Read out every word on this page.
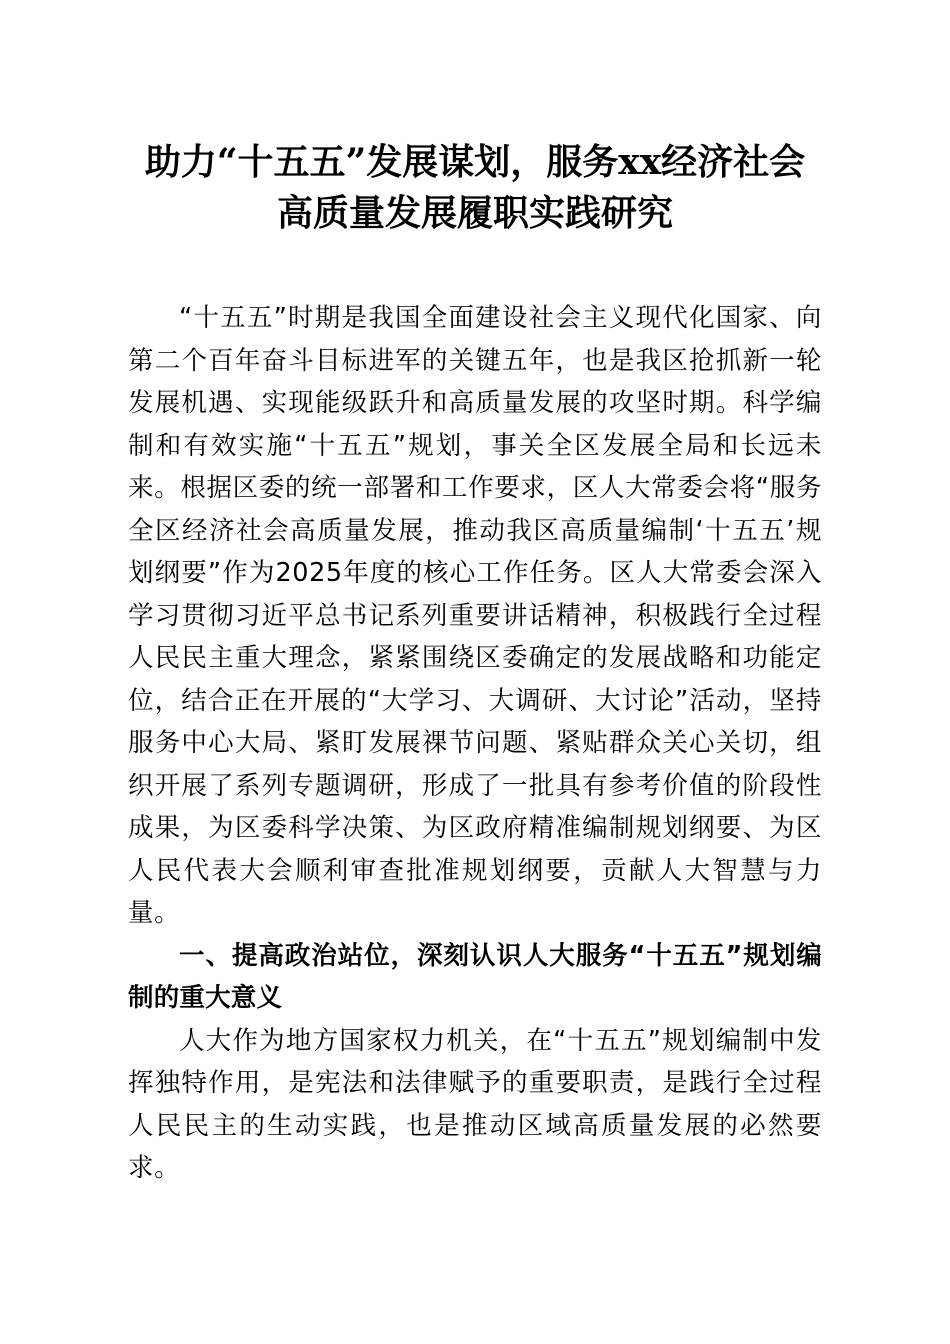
助力“十五五”发展谋划，服务xx经济社会
高质量发展履职实践研究

“十五五”时期是我国全面建设社会主义现代化国家、向第二个百年奋斗目标进军的关键五年，也是我区抢抓新一轮发展机遇、实现能级跃升和高质量发展的攻坚时期。科学编制和有效实施“十五五”规划，事关全区发展全局和长远未来。根据区委的统一部署和工作要求，区人大常委会将“服务全区经济社会高质量发展，推动我区高质量编制‘十五五’规划纲要”作为2025年度的核心工作任务。区人大常委会深入学习贯彻习近平总书记系列重要讲话精神，积极践行全过程人民民主重大理念，紧紧围绕区委确定的发展战略和功能定位，结合正在开展的“大学习、大调研、大讨论”活动，坚持服务中心大局、紧盯发展祼节问题、紧贴群众关心关切，组织开展了系列专题调研，形成了一批具有参考价值的阶段性成果，为区委科学决策、为区政府精准编制规划纲要、为区人民代表大会顺利审查批准规划纲要，贡献人大智慧与力量。

一、提高政治站位，深刻认识人大服务“十五五”规划编制的重大意义

人大作为地方国家权力机关，在“十五五”规划编制中发挥独特作用，是宪法和法律赋予的重要职责，是践行全过程人民民主的生动实践，也是推动区域高质量发展的必然要求。
